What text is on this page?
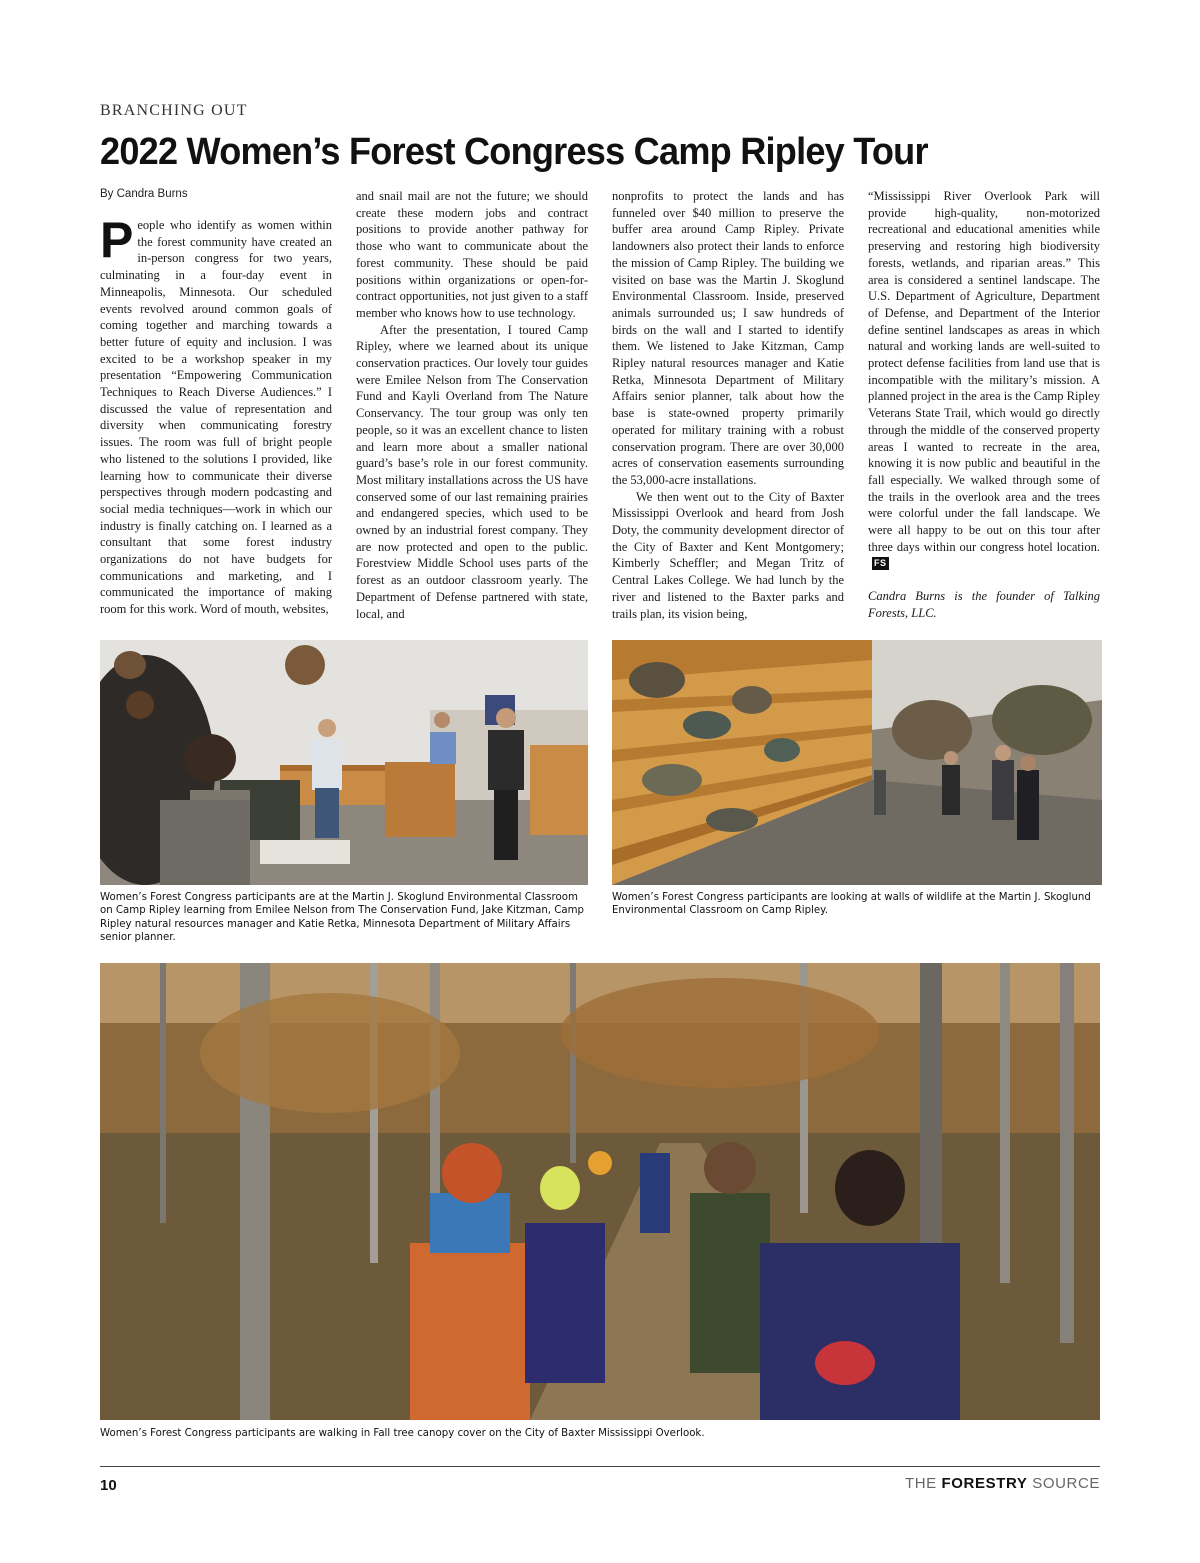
BRANCHING OUT
2022 Women’s Forest Congress Camp Ripley Tour
By Candra Burns

People who identify as women within the forest community have created an in-person congress for two years, culminating in a four-day event in Minneapolis, Minnesota. Our scheduled events revolved around common goals of coming together and marching towards a better future of equity and inclusion. I was excited to be a workshop speaker in my presentation “Empowering Communication Techniques to Reach Diverse Audiences.” I discussed the value of representation and diversity when communicating forestry issues. The room was full of bright people who listened to the solutions I provided, like learning how to communicate their diverse perspectives through modern podcasting and social media techniques—work in which our industry is finally catching on. I learned as a consultant that some forest industry organizations do not have budgets for communications and marketing, and I communicated the importance of making room for this work. Word of mouth, websites,

and snail mail are not the future; we should create these modern jobs and contract positions to provide another pathway for those who want to communicate about the forest community. These should be paid positions within organizations or open-for-contract opportunities, not just given to a staff member who knows how to use technology.

After the presentation, I toured Camp Ripley, where we learned about its unique conservation practices. Our lovely tour guides were Emilee Nelson from The Conservation Fund and Kayli Overland from The Nature Conservancy. The tour group was only ten people, so it was an excellent chance to listen and learn more about a smaller national guard’s base’s role in our forest community. Most military installations across the US have conserved some of our last remaining prairies and endangered species, which used to be owned by an industrial forest company. They are now protected and open to the public. Forestview Middle School uses parts of the forest as an outdoor classroom yearly. The Department of Defense partnered with state, local, and

nonprofits to protect the lands and has funneled over $40 million to preserve the buffer area around Camp Ripley. Private landowners also protect their lands to enforce the mission of Camp Ripley. The building we visited on base was the Martin J. Skoglund Environmental Classroom. Inside, preserved animals surrounded us; I saw hundreds of birds on the wall and I started to identify them. We listened to Jake Kitzman, Camp Ripley natural resources manager and Katie Retka, Minnesota Department of Military Affairs senior planner, talk about how the base is state-owned property primarily operated for military training with a robust conservation program. There are over 30,000 acres of conservation easements surrounding the 53,000-acre installations.

We then went out to the City of Baxter Mississippi Overlook and heard from Josh Doty, the community development director of the City of Baxter and Kent Montgomery; Kimberly Scheffler; and Megan Tritz of Central Lakes College. We had lunch by the river and listened to the Baxter parks and trails plan, its vision being,

“Mississippi River Overlook Park will provide high-quality, non-motorized recreational and educational amenities while preserving and restoring high biodiversity forests, wetlands, and riparian areas.” This area is considered a sentinel landscape. The U.S. Department of Agriculture, Department of Defense, and Department of the Interior define sentinel landscapes as areas in which natural and working lands are well-suited to protect defense facilities from land use that is incompatible with the military’s mission. A planned project in the area is the Camp Ripley Veterans State Trail, which would go directly through the middle of the conserved property areas I wanted to recreate in the area, knowing it is now public and beautiful in the fall especially. We walked through some of the trails in the overlook area and the trees were colorful under the fall landscape. We were all happy to be out on this tour after three days within our congress hotel location.FS

Candra Burns is the founder of Talking Forests, LLC.

Women’s Forest Congress participants are at the Martin J. Skoglund Environmental Classroom on Camp Ripley learning from Emilee Nelson from The Conservation Fund, Jake Kitzman, Camp Ripley natural resources manager and Katie Retka, Minnesota Department of Military Affairs senior planner.
Women’s Forest Congress participants are looking at walls of wildlife at the Martin J. Skoglund Environmental Classroom on Camp Ripley.
Women’s Forest Congress participants are walking in Fall tree canopy cover on the City of Baxter Mississippi Overlook.
10	THE FORESTRY SOURCE
